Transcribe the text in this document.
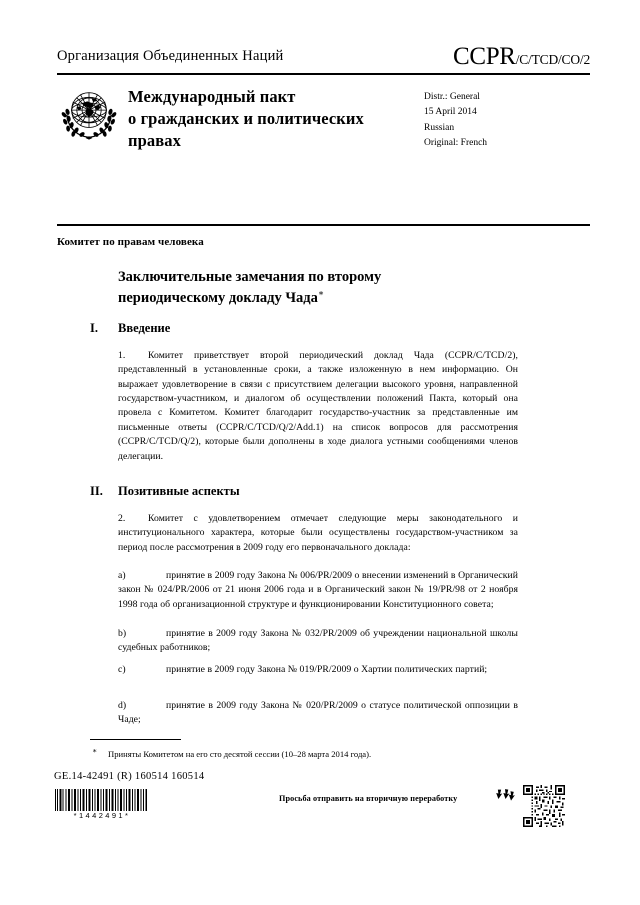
Организация Объединенных Наций	CCPR/C/TCD/CO/2
Международный пакт
о гражданских и политических
правах
Distr.: General
15 April 2014
Russian
Original: French
Комитет по правам человека
Заключительные замечания по второму
периодическому докладу Чада∗
I. Введение
1. Комитет приветствует второй периодический доклад Чада (CCPR/C/TCD/2), представленный в установленные сроки, а также изложенную в нем информацию. Он выражает удовлетворение в связи с присутствием делегации высокого уровня, направленной государством-участником, и диалогом об осуществлении положений Пакта, который она провела с Комитетом. Комитет благодарит государство-участник за представленные им письменные ответы (CCPR/C/TCD/Q/2/Add.1) на список вопросов для рассмотрения (CCPR/C/TCD/Q/2), которые были дополнены в ходе диалога устными сообщениями членов делегации.
II. Позитивные аспекты
2. Комитет с удовлетворением отмечает следующие меры законодательного и институционального характера, которые были осуществлены государством-участником за период после рассмотрения в 2009 году его первоначального доклада:
a)	принятие в 2009 году Закона № 006/PR/2009 о внесении изменений в Органический закон № 024/PR/2006 от 21 июня 2006 года и в Органический закон № 19/PR/98 от 2 ноября 1998 года об организационной структуре и функционировании Конституционного совета;
b)	принятие в 2009 году Закона № 032/PR/2009 об учреждении национальной школы судебных работников;
c)	принятие в 2009 году Закона № 019/PR/2009 о Хартии политических партий;
d)	принятие в 2009 году Закона № 020/PR/2009 о статусе политической оппозиции в Чаде;
∗ Приняты Комитетом на его сто десятой сессии (10–28 марта 2014 года).
GE.14-42491 (R) 160514 160514
*1442491*
Просьба отправить на вторичную переработку
